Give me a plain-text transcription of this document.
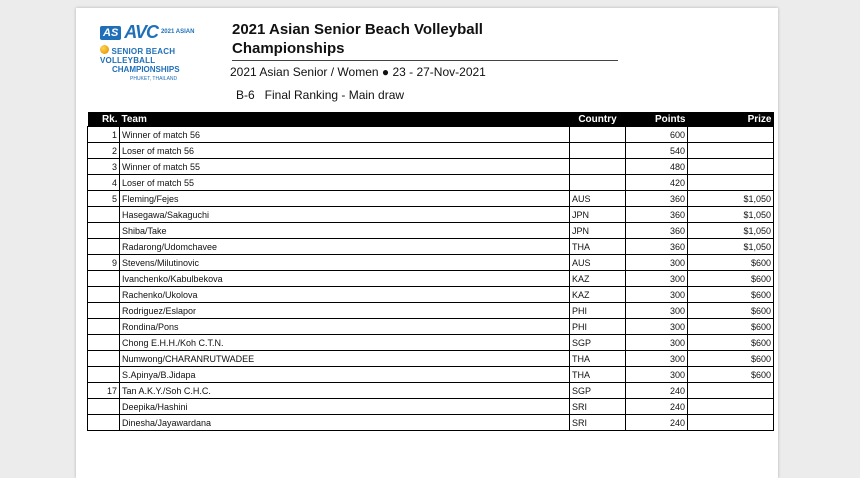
AS AVC 2021 ASIAN
SENIOR BEACH VOLLEYBALL
CHAMPIONSHIPS
PHUKET, THAILAND
2021 Asian Senior Beach Volleyball
Championships
2021 Asian Senior / Women ● 23 - 27-Nov-2021
B-6   Final Ranking - Main draw
Rk.	Team	Country	Points	Prize
1	Winner of match 56		600	
2	Loser of match 56		540	
3	Winner of match 55		480	
4	Loser of match 55		420	
5	Fleming/Fejes	AUS	360	$1,050
	Hasegawa/Sakaguchi	JPN	360	$1,050
	Shiba/Take	JPN	360	$1,050
	Radarong/Udomchavee	THA	360	$1,050
9	Stevens/Milutinovic	AUS	300	$600
	Ivanchenko/Kabulbekova	KAZ	300	$600
	Rachenko/Ukolova	KAZ	300	$600
	Rodriguez/Eslapor	PHI	300	$600
	Rondina/Pons	PHI	300	$600
	Chong E.H.H./Koh C.T.N.	SGP	300	$600
	Numwong/CHARANRUTWADEE	THA	300	$600
	S.Apinya/B.Jidapa	THA	300	$600
17	Tan A.K.Y./Soh C.H.C.	SGP	240	
	Deepika/Hashini	SRI	240	
	Dinesha/Jayawardana	SRI	240	
